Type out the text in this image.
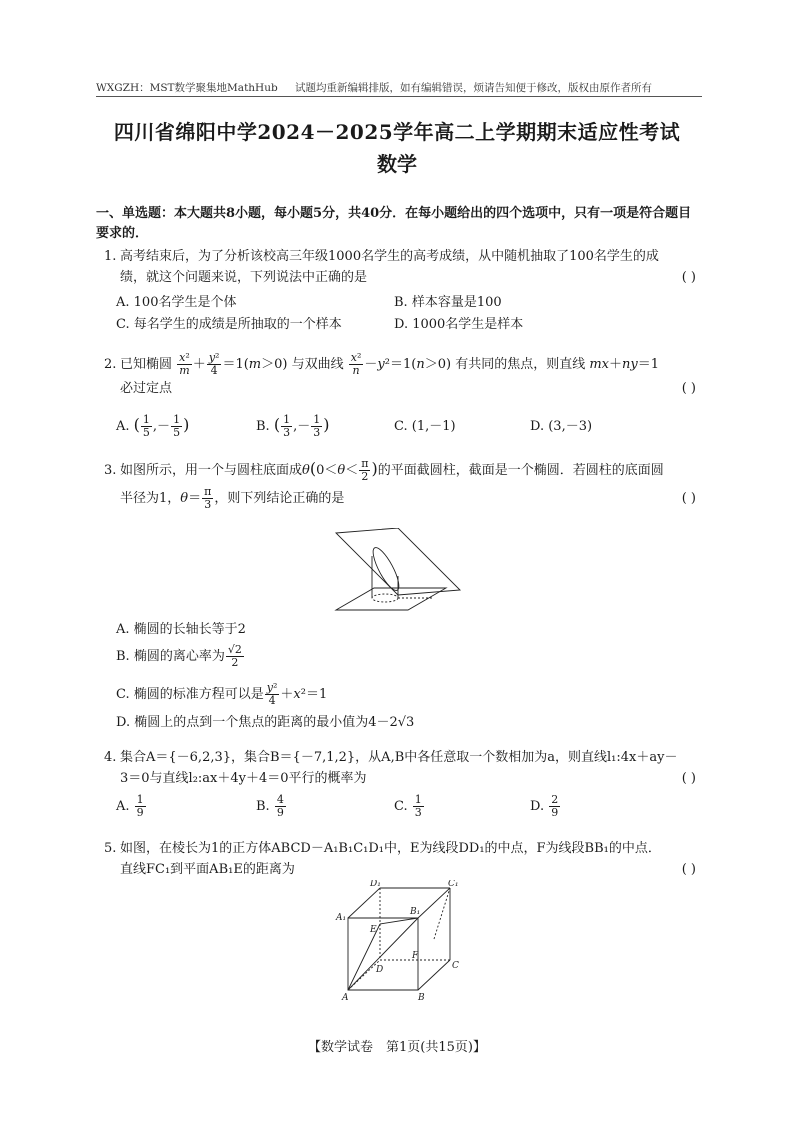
WXGZH：MST数学聚集地MathHub 试题均重新编辑排版，如有编辑错误，烦请告知便于修改，版权由原作者所有
四川省绵阳中学2024－2025学年高二上学期期末适应性考试
数学
一、单选题：本大题共8小题，每小题5分，共40分．在每小题给出的四个选项中，只有一项是符合题目
要求的．
1. 高考结束后，为了分析该校高三年级1000名学生的高考成绩，从中随机抽取了100名学生的成
绩，就这个问题来说，下列说法中正确的是	( )
A. 100名学生是个体	B. 样本容量是100
C. 每名学生的成绩是所抽取的一个样本	D. 1000名学生是样本
2. 已知椭圆 $\frac{\text{x²}}{m} + \frac{\text{y²}}{4} =1(m>0)$ 与双曲线 $\frac{\text{x²}}{n} -y^2=1(n>0)$ 有共同的焦点，则直线 mx＋ny＝1
必过定点	( )
A. ( $\frac{1}{5}$ ,－ $\frac{1}{5}$ )	B. ( $\frac{1}{3}$ ,－ $\frac{1}{3}$ )	C. (1,－1)	D. (3,－3)
3. 如图所示，用一个与圆柱底面成$\theta(0<\theta< \frac{\pi}{2}$ )的平面截圆柱，截面是一个椭圆．若圆柱的底面圆
半径为1，$\theta= \frac{\pi}{3}$ ，则下列结论正确的是	( )
A. 椭圆的长轴长等于2
B. 椭圆的离心率为 $\frac{√2}{2}$
C. 椭圆的标准方程可以是 $\frac{\text{y²}}{4} +x^2=1$
D. 椭圆上的点到一个焦点的距离的最小值为4－2√3
4. 集合A＝{－6,2,3}，集合B＝{－7,1,2}，从A,B中各任意取一个数相加为a，则直线l₁:4x＋ay－
3＝0与直线l₂:ax＋4y＋4＝0平行的概率为	( )
A. $\frac{1}{9}$	B. $\frac{4}{9}$	C. $\frac{1}{3}$	D. $\frac{2}{9}$
5. 如图，在棱长为1的正方体ABCD－A₁B₁C₁D₁中，E为线段DD₁的中点，F为线段BB₁的中点．
直线FC₁到平面AB₁E的距离为	( )
D₁	C₁
A₁
B₁
E
F
C
D
A	B
【数学试卷　第1页(共15页)】
